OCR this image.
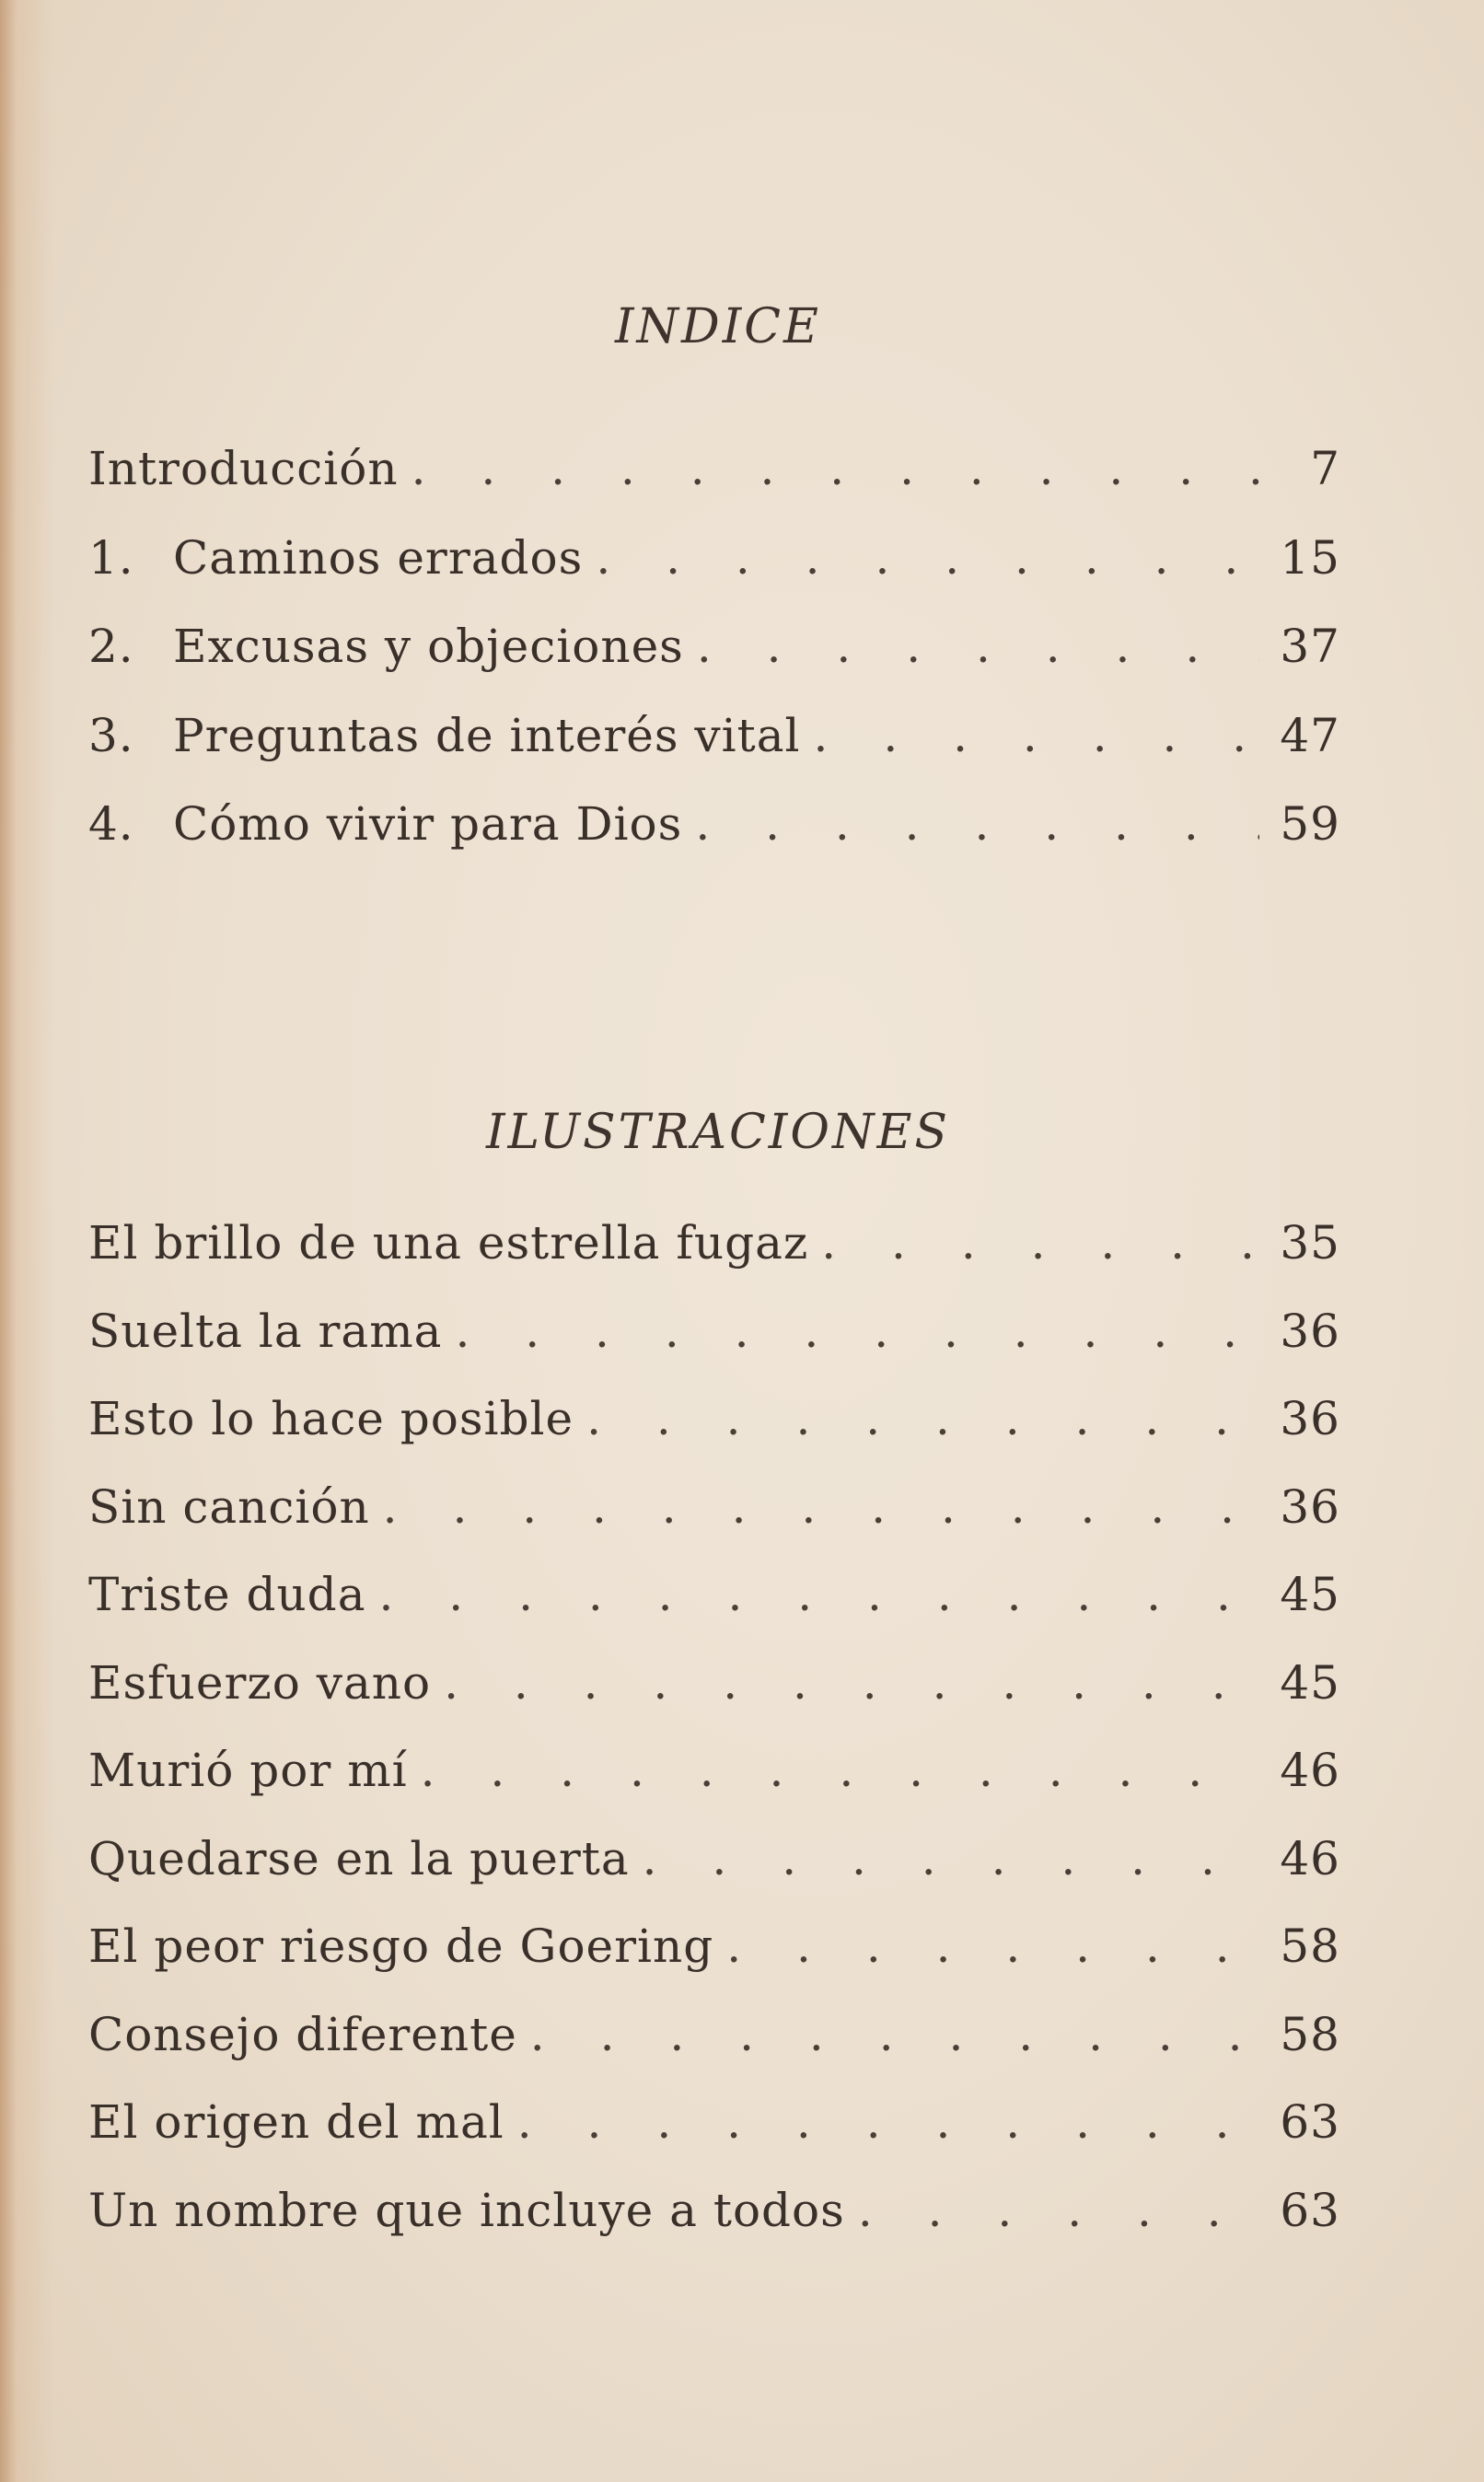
INDICE
Introducción . . .	7
1. Caminos errados . . .	15
2. Excusas y objeciones . . .	37
3. Preguntas de interés vital . . .	47
4. Cómo vivir para Dios . . .	59
ILUSTRACIONES
El brillo de una estrella fugaz . . .	35
Suelta la rama . . .	36
Esto lo hace posible . . .	36
Sin canción . . .	36
Triste duda . . .	45
Esfuerzo vano . . .	45
Murió por mí . . .	46
Quedarse en la puerta . . .	46
El peor riesgo de Goering . . .	58
Consejo diferente . . .	58
El origen del mal . . .	63
Un nombre que incluye a todos . . .	63
